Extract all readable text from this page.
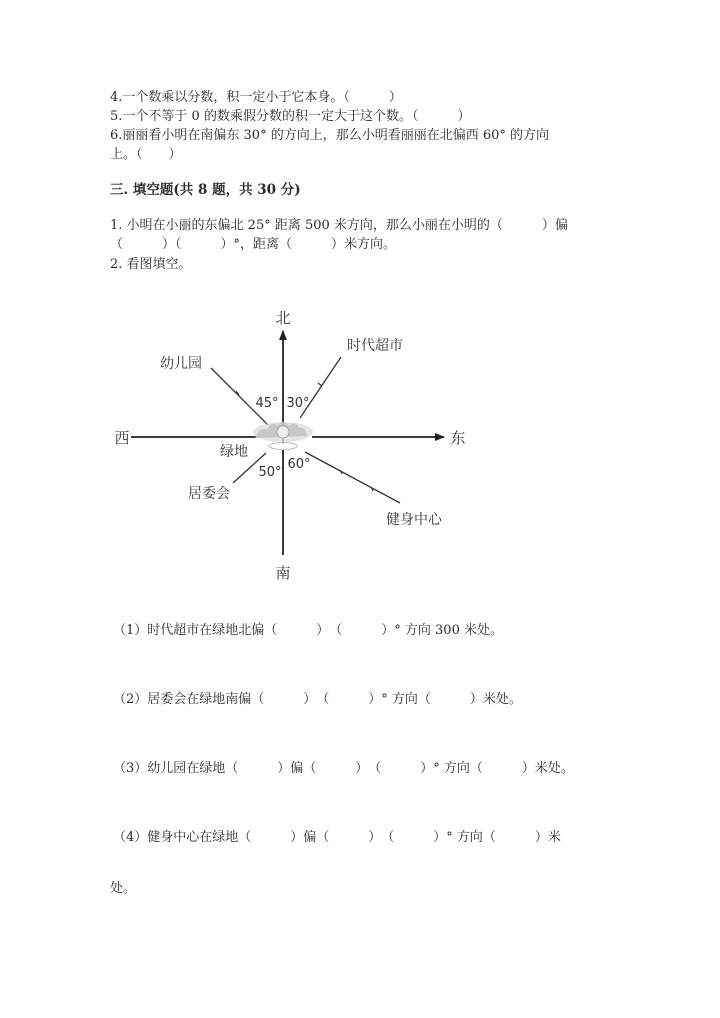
4.一个数乘以分数，积一定小于它本身。（　　　）
5.一个不等于 0 的数乘假分数的积一定大于这个数。（　　　）
6.丽丽看小明在南偏东 30° 的方向上，那么小明看丽丽在北偏西 60° 的方向
上。（　　）
三. 填空题(共 8 题，共 30 分)
1. 小明在小丽的东偏北 25° 距离 500 米方向，那么小丽在小明的（　　　）偏
（　　　）（　　　）°，距离（　　　）米方向。
2. 看图填空。
北
南
西	东
绿地
幼儿园
时代超市
居委会
健身中心
45° 30°
50°
60°
（1）时代超市在绿地北偏（　　　）　（　　　）° 方向 300 米处。
（2）居委会在绿地南偏（　　　）　（　　　）° 方向（　　　）米处。
（3）幼儿园在绿地（　　　）偏（　　　）　（　　　）° 方向（　　　）米处。
（4）健身中心在绿地（　　　）偏（　　　）　（　　　）° 方向（　　　）米
处。
